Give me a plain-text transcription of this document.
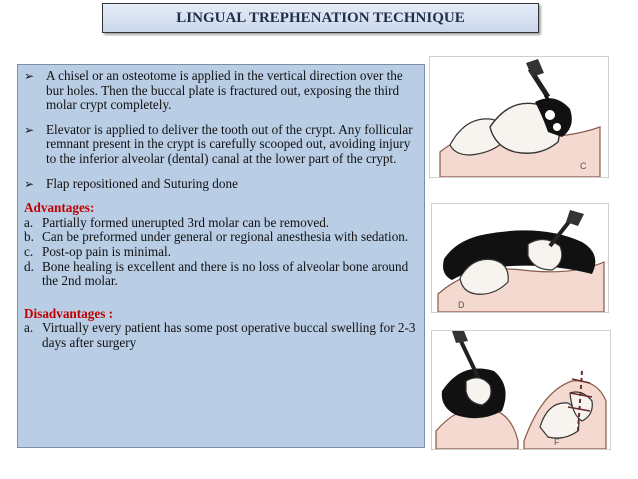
LINGUAL TREPHENATION TECHNIQUE
➢ A chisel or an osteotome is applied in the vertical direction over the bur holes. Then the buccal plate is fractured out, exposing the third molar crypt completely.
➢ Elevator is applied to deliver the tooth out of the crypt. Any follicular remnant present in the crypt is carefully scooped out, avoiding injury to the inferior alveolar (dental) canal at the lower part of the crypt.
➢ Flap repositioned and Suturing done
Advantages:
a. Partially formed unerupted 3rd molar can be removed.
b. Can be preformed under general or regional anesthesia with sedation.
c. Post-op pain is minimal.
d. Bone healing is excellent and there is no loss of alveolar bone around the 2nd molar.
Disadvantages :
a. Virtually every patient has some post operative buccal swelling for 2-3 days after surgery
C
D
F
